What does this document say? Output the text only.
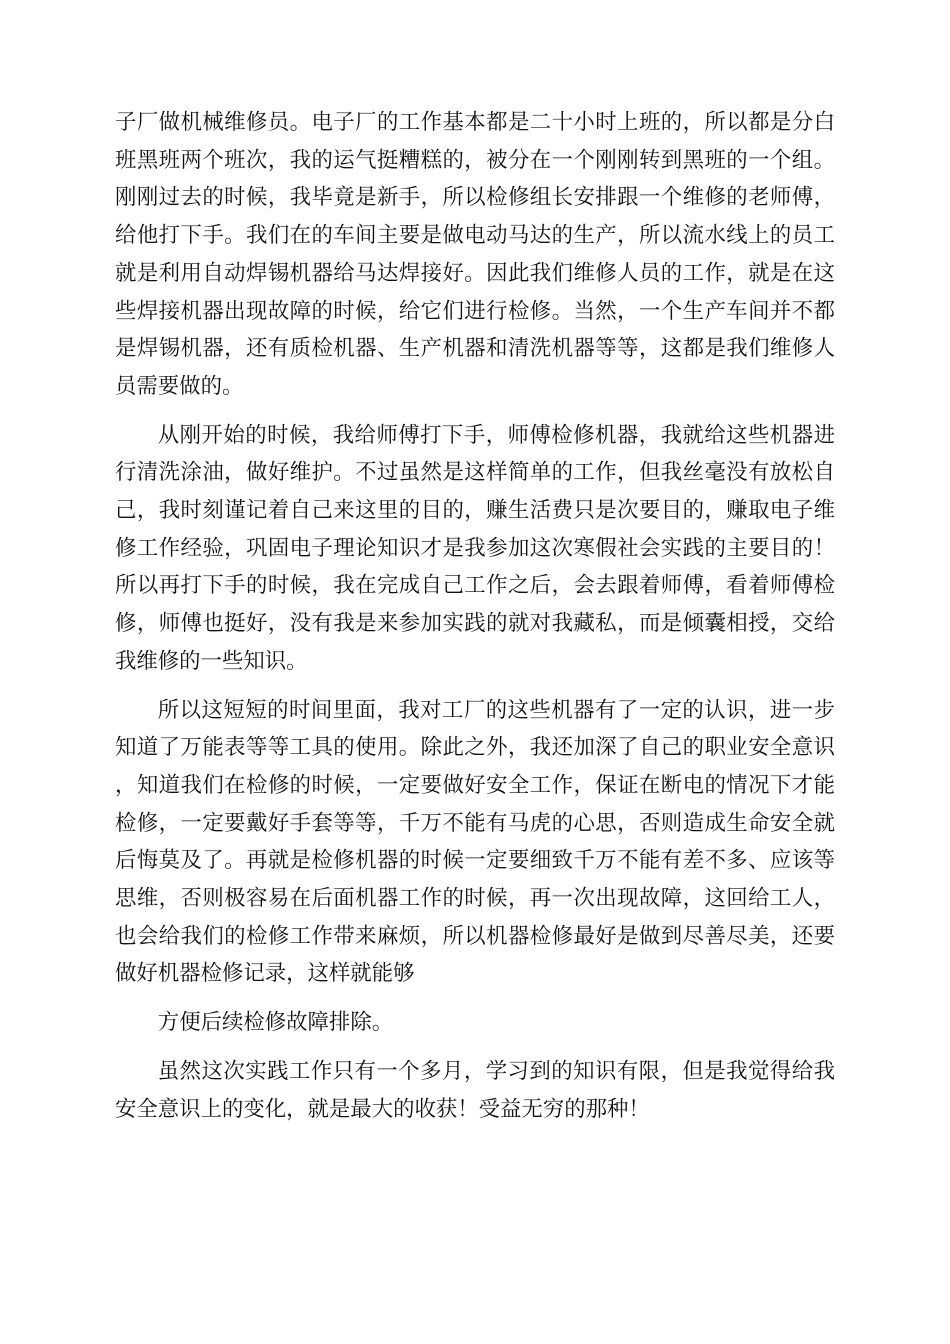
子厂做机械维修员。电子厂的工作基本都是二十小时上班的，所以都是分白班黑班两个班次，我的运气挺糟糕的，被分在一个刚刚转到黑班的一个组。刚刚过去的时候，我毕竟是新手，所以检修组长安排跟一个维修的老师傅，给他打下手。我们在的车间主要是做电动马达的生产，所以流水线上的员工就是利用自动焊锡机器给马达焊接好。因此我们维修人员的工作，就是在这些焊接机器出现故障的时候，给它们进行检修。当然，一个生产车间并不都是焊锡机器，还有质检机器、生产机器和清洗机器等等，这都是我们维修人员需要做的。

从刚开始的时候，我给师傅打下手，师傅检修机器，我就给这些机器进行清洗涂油，做好维护。不过虽然是这样简单的工作，但我丝毫没有放松自己，我时刻谨记着自己来这里的目的，赚生活费只是次要目的，赚取电子维修工作经验，巩固电子理论知识才是我参加这次寒假社会实践的主要目的！所以再打下手的时候，我在完成自己工作之后，会去跟着师傅，看着师傅检修，师傅也挺好，没有我是来参加实践的就对我藏私，而是倾囊相授，交给我维修的一些知识。

所以这短短的时间里面，我对工厂的这些机器有了一定的认识，进一步知道了万能表等等工具的使用。除此之外，我还加深了自己的职业安全意识，知道我们在检修的时候，一定要做好安全工作，保证在断电的情况下才能检修，一定要戴好手套等等，千万不能有马虎的心思，否则造成生命安全就后悔莫及了。再就是检修机器的时候一定要细致千万不能有差不多、应该等思维，否则极容易在后面机器工作的时候，再一次出现故障，这回给工人，也会给我们的检修工作带来麻烦，所以机器检修最好是做到尽善尽美，还要做好机器检修记录，这样就能够

方便后续检修故障排除。

虽然这次实践工作只有一个多月，学习到的知识有限，但是我觉得给我安全意识上的变化，就是最大的收获！受益无穷的那种！
